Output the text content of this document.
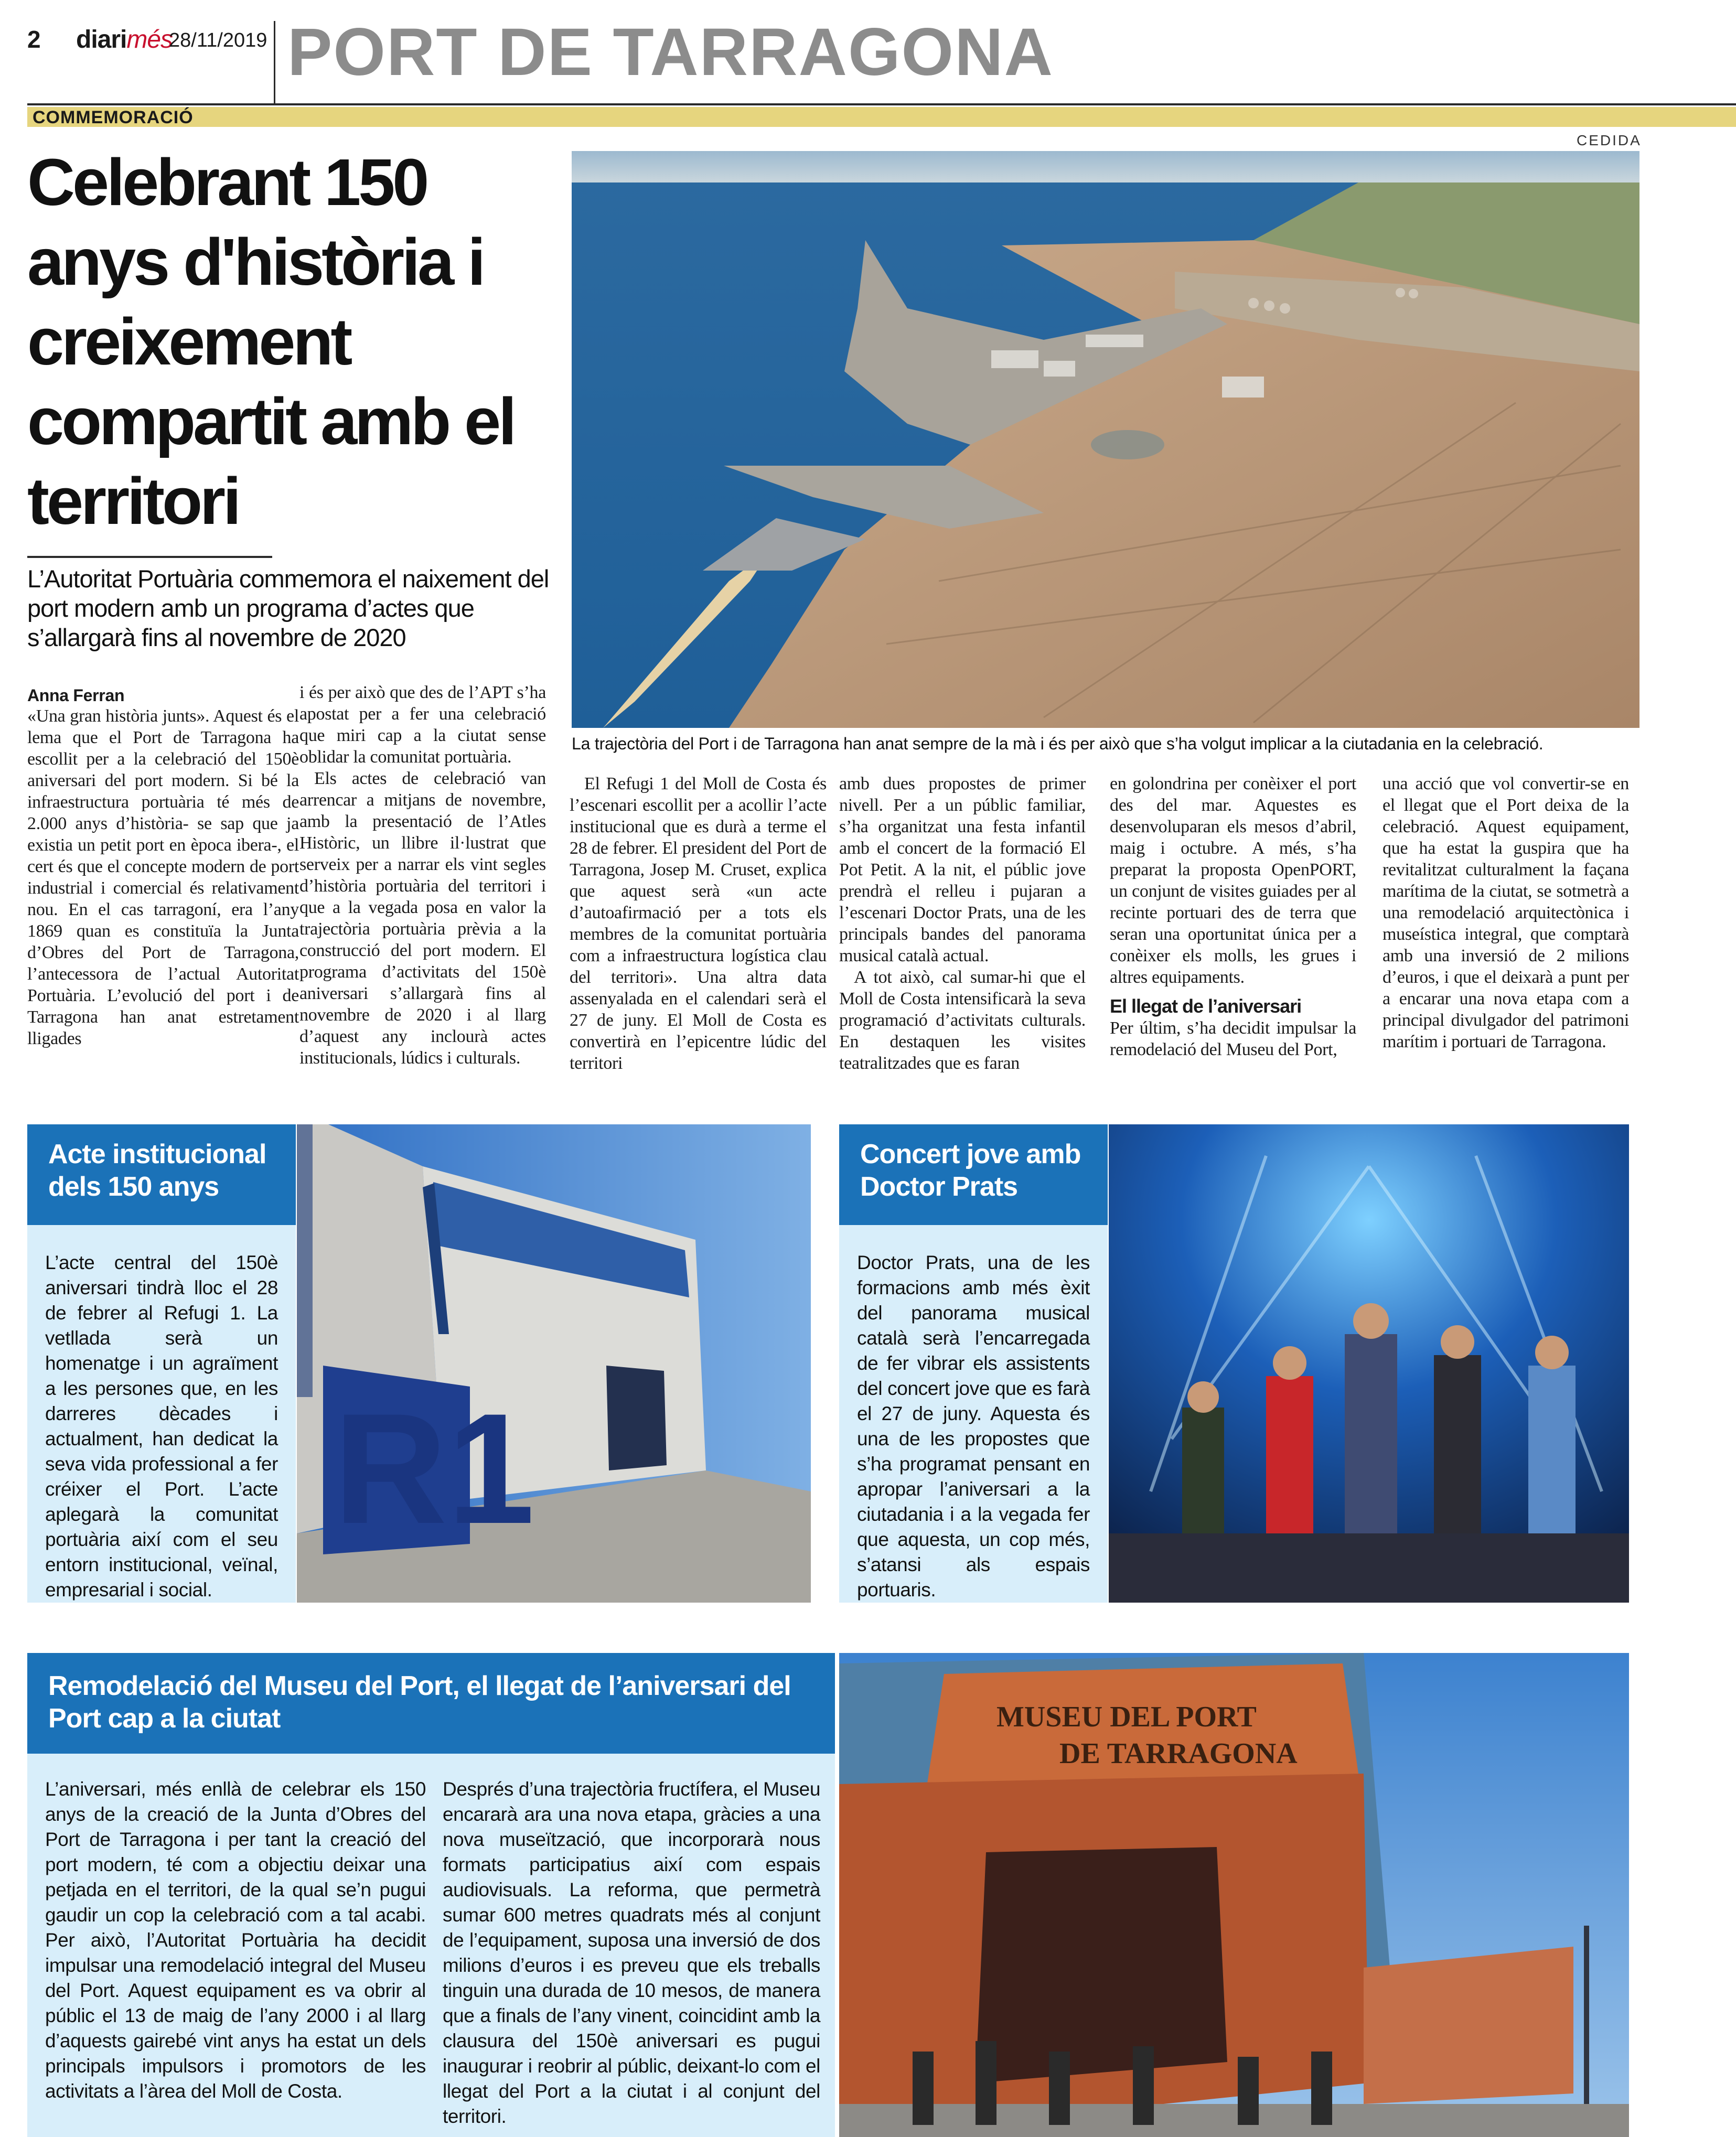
2 diarimés
28/11/2019 PORT DE TARRAGONA
COMMEMORACIÓ
CEDIDA
Celebrant 150 anys d'història i creixement compartit amb el territori

L’Autoritat Portuària commemora el naixement del port modern amb un programa d’actes que s’allargarà fins al novembre de 2020

La trajectòria del Port i de Tarragona han anat sempre de la mà i és per això que s’ha volgut implicar a la ciutadania en la celebració.
Anna Ferran

«Una gran història junts». Aquest és el lema que el Port de Tarragona ha escollit per a la celebració del 150è aniversari del port modern. Si bé la infraestructura portuària té més de 2.000 anys d’història- se sap que ja existia un petit port en època ibera-, el cert és que el concepte modern de port industrial i comercial és relativament nou. En el cas tarragoní, era l’any 1869 quan es constituïa la Junta d’Obres del Port de Tarragona, l’antecessora de l’actual Autoritat Portuària. L’evolució del port i de Tarragona han anat estretament lligades

i és per això que des de l’APT s’ha apostat per a fer una celebració que miri cap a la ciutat sense oblidar la comunitat portuària.

Els actes de celebració van arrencar a mitjans de novembre, amb la presentació de l’Atles Històric, un llibre il·lustrat que serveix per a narrar els vint segles d’història portuària del territori i que a la vegada posa en valor la trajectòria portuària prèvia a la construcció del port modern. El programa d’activitats del 150è aniversari s’allargarà fins al novembre de 2020 i al llarg d’aquest any inclourà actes institucionals, lúdics i culturals.

El Refugi 1 del Moll de Costa és l’escenari escollit per a acollir l’acte institucional que es durà a terme el 28 de febrer. El president del Port de Tarragona, Josep M. Cruset, explica que aquest serà «un acte d’autoafirmació per a tots els membres de la comunitat portuària com a infraestructura logística clau del territori». Una altra data assenyalada en el calendari serà el 27 de juny. El Moll de Costa es convertirà en l’epicentre lúdic del territori

amb dues propostes de primer nivell. Per a un públic familiar, s’ha organitzat una festa infantil amb el concert de la formació El Pot Petit. A la nit, el públic jove prendrà el relleu i pujaran a l’escenari Doctor Prats, una de les principals bandes del panorama musical català actual.

A tot això, cal sumar-hi que el Moll de Costa intensificarà la seva programació d’activitats culturals. En destaquen les visites teatralitzades que es faran

en golondrina per conèixer el port des del mar. Aquestes es desenvoluparan els mesos d’abril, maig i octubre. A més, s’ha preparat la proposta OpenPORT, un conjunt de visites guiades per al recinte portuari des de terra que seran una oportunitat única per a conèixer els molls, les grues i altres equipaments.

El llegat de l’aniversari

Per últim, s’ha decidit impulsar la remodelació del Museu del Port,

una acció que vol convertir-se en el llegat que el Port deixa de la celebració. Aquest equipament, que ha estat la guspira que ha revitalitzat culturalment la façana marítima de la ciutat, se sotmetrà a una remodelació arquitectònica i museística integral, que comptarà amb una inversió de 2 milions d’euros, i que el deixarà a punt per a encarar una nova etapa com a principal divulgador del patrimoni marítim i portuari de Tarragona.

Acte institucional dels 150 anys

L’acte central del 150è aniversari tindrà lloc el 28 de febrer al Refugi 1. La vetllada serà un homenatge i un agraïment a les persones que, en les darreres dècades i actualment, han dedicat la seva vida professional a fer créixer el Port. L’acte aplegarà la comunitat portuària així com el seu entorn institucional, veïnal, empresarial i social.

R1
Concert jove amb Doctor Prats

Doctor Prats, una de les formacions amb més èxit del panorama musical català serà l’encarregada de fer vibrar els assistents del concert jove que es farà el 27 de juny. Aquesta és una de les propostes que s’ha programat pensant en apropar l’aniversari a la ciutadania i a la vegada fer que aquesta, un cop més, s’atansi als espais portuaris.

Remodelació del Museu del Port, el llegat de l’aniversari del Port cap a la ciutat

L’aniversari, més enllà de celebrar els 150 anys de la creació de la Junta d’Obres del Port de Tarragona i per tant la creació del port modern, té com a objectiu deixar una petjada en el territori, de la qual se’n pugui gaudir un cop la celebració com a tal acabi. Per això, l’Autoritat Portuària ha decidit impulsar una remodelació integral del Museu del Port. Aquest equipament es va obrir al públic el 13 de maig de l’any 2000 i al llarg d’aquests gairebé vint anys ha estat un dels principals impulsors i promotors de les activitats a l’àrea del Moll de Costa.

Després d’una trajectòria fructífera, el Museu encararà ara una nova etapa, gràcies a una nova museïtzació, que incorporarà nous formats participatius així com espais audiovisuals. La reforma, que permetrà sumar 600 metres quadrats més al conjunt de l’equipament, suposa una inversió de dos milions d’euros i es preveu que els treballs tinguin una durada de 10 mesos, de manera que a finals de l’any vinent, coincidint amb la clausura del 150è aniversari es pugui inaugurar i reobrir al públic, deixant-lo com el llegat del Port a la ciutat i al conjunt del territori.

MUSEU DEL PORT
DE TARRAGONA
